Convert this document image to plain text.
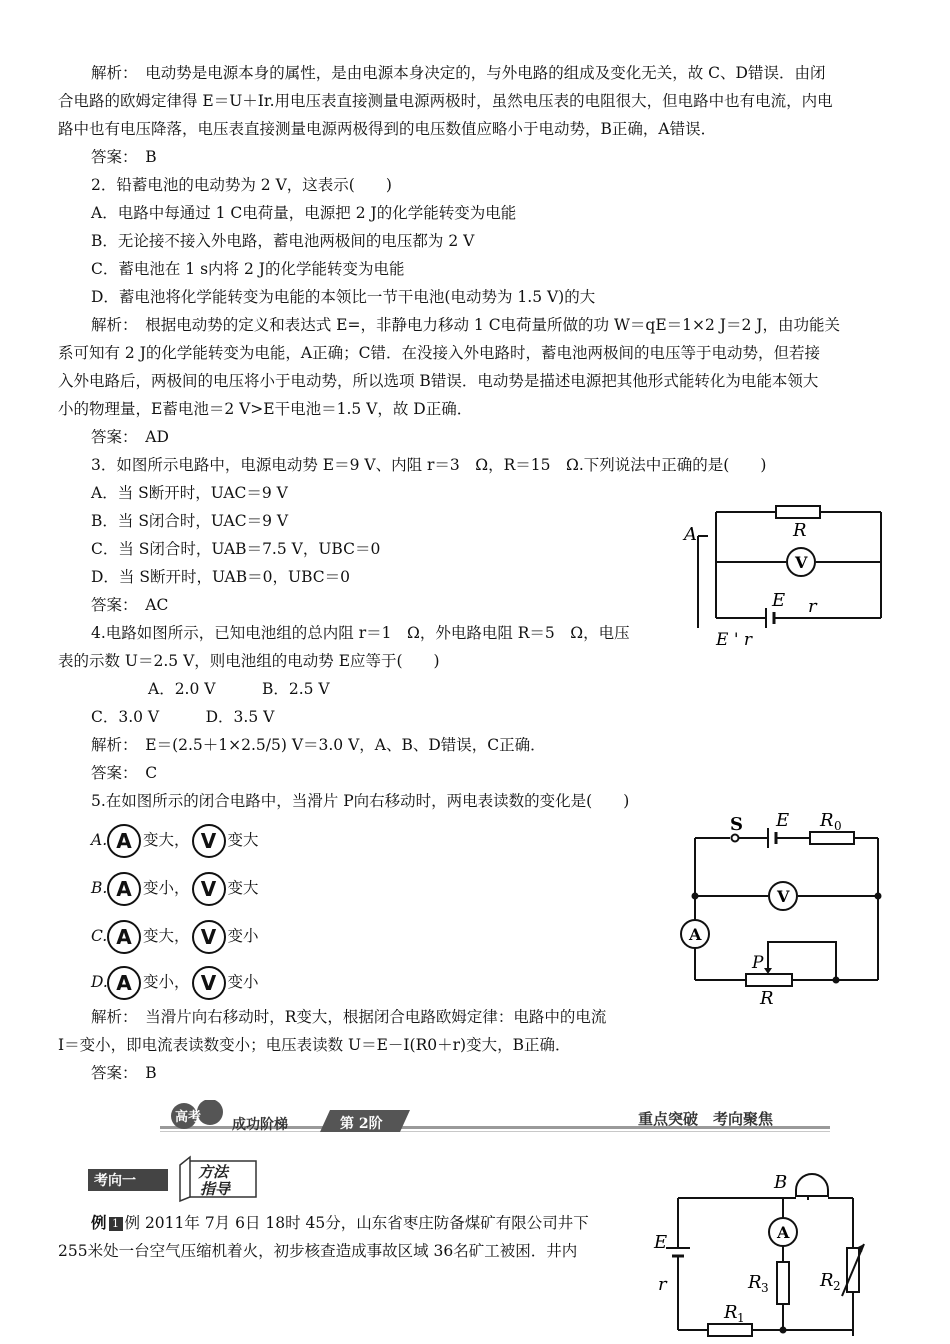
解析：　电动势是电源本身的属性，是由电源本身决定的，与外电路的组成及变化无关，故 C、D错误．由闭
合电路的欧姆定律得 E＝U＋Ir.用电压表直接测量电源两极时，虽然电压表的电阻很大，但电路中也有电流，内电
路中也有电压降落，电压表直接测量电源两极得到的电压数值应略小于电动势，B正确，A错误．
答案：　B
2．铅蓄电池的电动势为 2 V，这表示(　　)
A．电路中每通过 1 C电荷量，电源把 2 J的化学能转变为电能
B．无论接不接入外电路，蓄电池两极间的电压都为 2 V
C．蓄电池在 1 s内将 2 J的化学能转变为电能
D．蓄电池将化学能转变为电能的本领比一节干电池(电动势为 1.5 V)的大
解析：　根据电动势的定义和表达式 E=，非静电力移动 1 C电荷量所做的功 W＝qE＝1×2 J＝2 J，由功能关
系可知有 2 J的化学能转变为电能，A正确；C错．在没接入外电路时，蓄电池两极间的电压等于电动势，但若接
入外电路后，两极间的电压将小于电动势，所以选项 B错误．电动势是描述电源把其他形式能转化为电能本领大
小的物理量，E蓄电池＝2 V>E干电池＝1.5 V，故 D正确．
答案：　AD
3．如图所示电路中，电源电动势 E＝9 V、内阻 r＝3　Ω，R＝15　Ω.下列说法中正确的是(　　)
A．当 S断开时，UAC＝9 V
B．当 S闭合时，UAC＝9 V
C．当 S闭合时，UAB＝7.5 V，UBC＝0
D．当 S断开时，UAB＝0，UBC＝0
答案：　AC
4.电路如图所示，已知电池组的总内阻 r＝1　Ω，外电路电阻 R＝5　Ω，电压
表的示数 U＝2.5 V，则电池组的电动势 E应等于(　　)
A．2.0 V　　　B．2.5 V
C．3.0 V　　　D．3.5 V
解析：　E＝(2.5＋1×2.5/5) V＝3.0 V，A、B、D错误，C正确．
答案：　C
5.在如图所示的闭合电路中，当滑片 P向右移动时，两电表读数的变化是(　　)
A. A 变大， V 变大
B. A 变小， V 变大
C. A 变大， V 变小
D. A 变小， V 变小
解析：　当滑片向右移动时，R变大，根据闭合电路欧姆定律：电路中的电流
I＝变小，即电流表读数变小；电压表读数 U＝E－I(R0＋r)变大，B正确．
答案：　B
高考 成功阶梯	第 2阶	重点突破　考向聚焦
考向一	方法
指导
例 1 例 2011年 7月 6日 18时 45分，山东省枣庄防备煤矿有限公司井下
255米处一台空气压缩机着火，初步核查造成事故区域 36名矿工被困．井内
A	R
V
E r
E ' r
S E R 0
V
A
P
R
B
A
E
r	R 3	R 2
R 1
